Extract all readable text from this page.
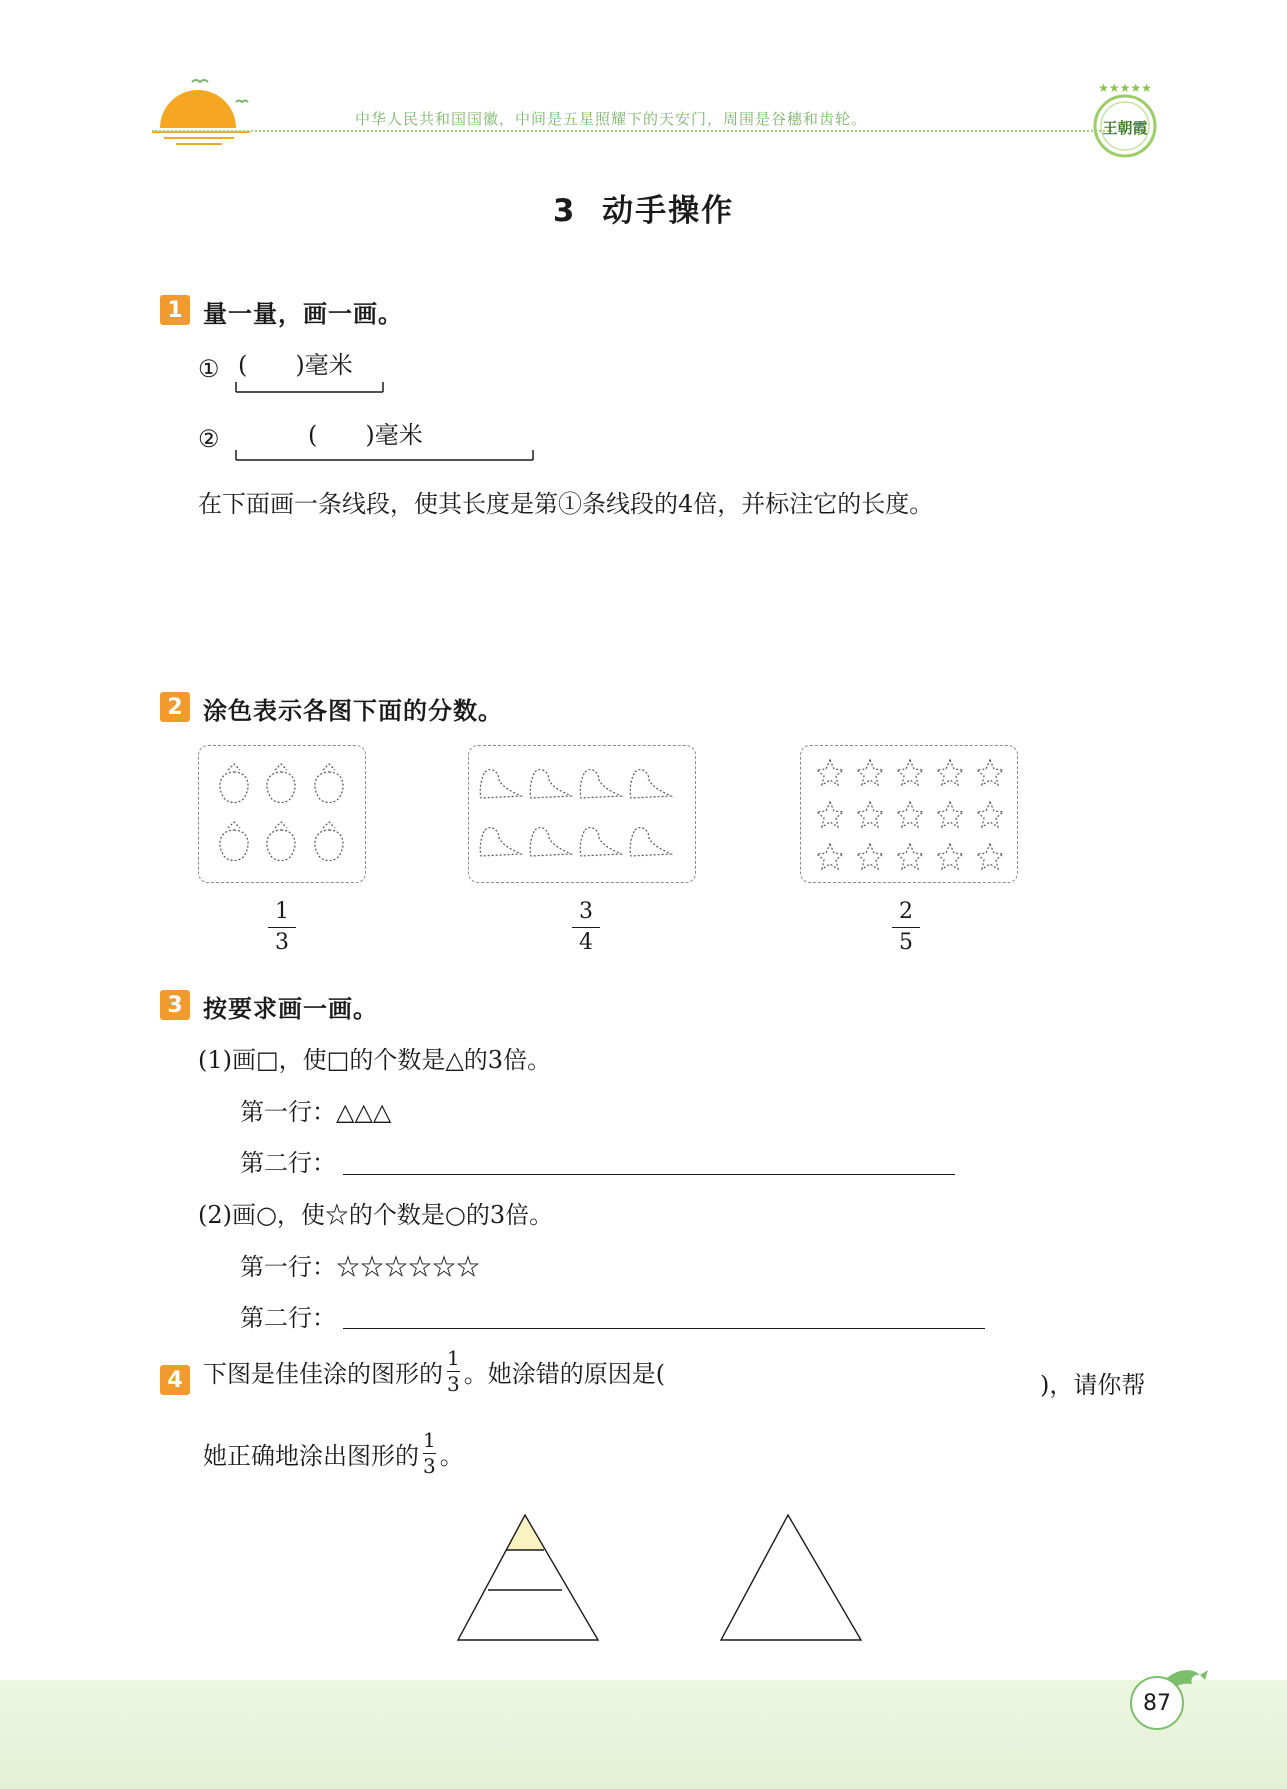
中华人民共和国国徽，中间是五星照耀下的天安门，周围是谷穗和齿轮。
★★★★★
王朝霞
3  动手操作
1 量一量，画一画。
① (　　)毫米
②	(　　)毫米
在下面画一条线段，使其长度是第①条线段的4倍，并标注它的长度。
2 涂色表示各图下面的分数。
1
3
3
4
2
5
3 按要求画一画。
(1)画□，使□的个数是△的3倍。
第一行：△△△
第二行：
(2)画○，使☆的个数是○的3倍。
第一行：☆☆☆☆☆☆
第二行：
4 下图是佳佳涂的图形的 $\frac{1}{3}$ 。她涂错的原因是(	)，请你帮
她正确地涂出图形的 $\frac{1}{3}$ 。
87
